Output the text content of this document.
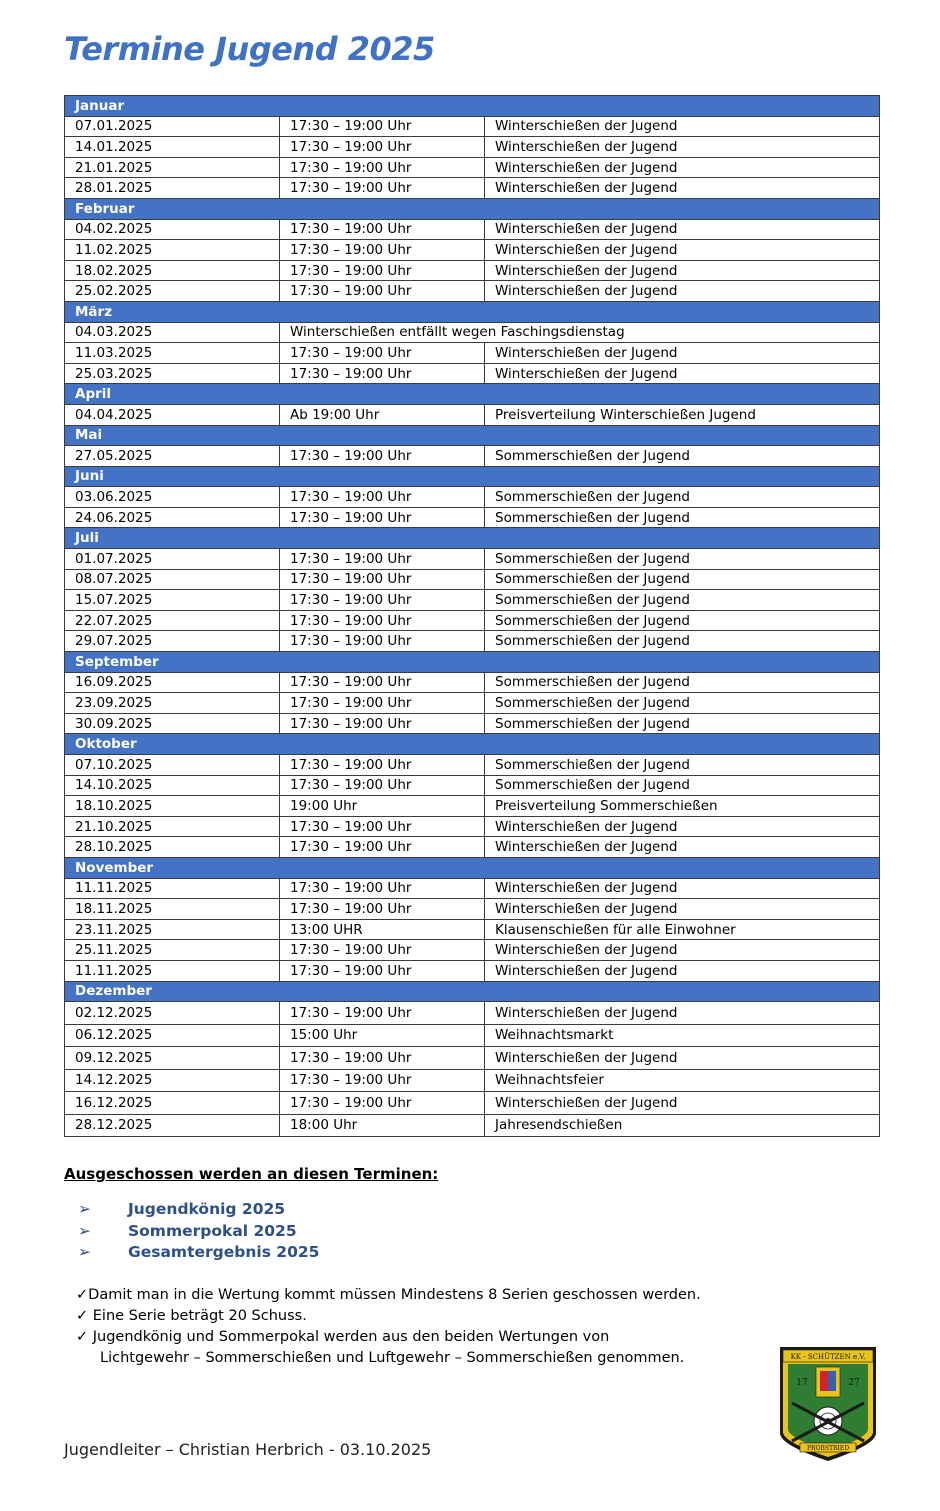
Termine Jugend 2025
Januar		
07.01.2025	17:30 – 19:00 Uhr	Winterschießen der Jugend
14.01.2025	17:30 – 19:00 Uhr	Winterschießen der Jugend
21.01.2025	17:30 – 19:00 Uhr	Winterschießen der Jugend
28.01.2025	17:30 – 19:00 Uhr	Winterschießen der Jugend
Februar		
04.02.2025	17:30 – 19:00 Uhr	Winterschießen der Jugend
11.02.2025	17:30 – 19:00 Uhr	Winterschießen der Jugend
18.02.2025	17:30 – 19:00 Uhr	Winterschießen der Jugend
25.02.2025	17:30 – 19:00 Uhr	Winterschießen der Jugend
März		
04.03.2025	Winterschießen entfällt wegen Faschingsdienstag	
11.03.2025	17:30 – 19:00 Uhr	Winterschießen der Jugend
25.03.2025	17:30 – 19:00 Uhr	Winterschießen der Jugend
April		
04.04.2025	Ab 19:00 Uhr	Preisverteilung Winterschießen Jugend
Mai		
27.05.2025	17:30 – 19:00 Uhr	Sommerschießen der Jugend
Juni		
03.06.2025	17:30 – 19:00 Uhr	Sommerschießen der Jugend
24.06.2025	17:30 – 19:00 Uhr	Sommerschießen der Jugend
Juli		
01.07.2025	17:30 – 19:00 Uhr	Sommerschießen der Jugend
08.07.2025	17:30 – 19:00 Uhr	Sommerschießen der Jugend
15.07.2025	17:30 – 19:00 Uhr	Sommerschießen der Jugend
22.07.2025	17:30 – 19:00 Uhr	Sommerschießen der Jugend
29.07.2025	17:30 – 19:00 Uhr	Sommerschießen der Jugend
September		
16.09.2025	17:30 – 19:00 Uhr	Sommerschießen der Jugend
23.09.2025	17:30 – 19:00 Uhr	Sommerschießen der Jugend
30.09.2025	17:30 – 19:00 Uhr	Sommerschießen der Jugend
Oktober		
07.10.2025	17:30 – 19:00 Uhr	Sommerschießen der Jugend
14.10.2025	17:30 – 19:00 Uhr	Sommerschießen der Jugend
18.10.2025	19:00 Uhr	Preisverteilung Sommerschießen
21.10.2025	17:30 – 19:00 Uhr	Winterschießen der Jugend
28.10.2025	17:30 – 19:00 Uhr	Winterschießen der Jugend
November		
11.11.2025	17:30 – 19:00 Uhr	Winterschießen der Jugend
18.11.2025	17:30 – 19:00 Uhr	Winterschießen der Jugend
23.11.2025	13:00 UHR	Klausenschießen für alle Einwohner
25.11.2025	17:30 – 19:00 Uhr	Winterschießen der Jugend
11.11.2025	17:30 – 19:00 Uhr	Winterschießen der Jugend
Dezember		
02.12.2025	17:30 – 19:00 Uhr	Winterschießen der Jugend
06.12.2025	15:00 Uhr	Weihnachtsmarkt
09.12.2025	17:30 – 19:00 Uhr	Winterschießen der Jugend
14.12.2025	17:30 – 19:00 Uhr	Weihnachtsfeier
16.12.2025	17:30 – 19:00 Uhr	Winterschießen der Jugend
28.12.2025	18:00 Uhr	Jahresendschießen
Ausgeschossen werden an diesen Terminen:
➢ Jugendkönig 2025
➢ Sommerpokal 2025
➢ Gesamtergebnis 2025
✓Damit man in die Wertung kommt müssen Mindestens 8 Serien geschossen werden.
✓ Eine Serie beträgt 20 Schuss.
✓ Jugendkönig und Sommerpokal werden aus den beiden Wertungen von
Lichtgewehr – Sommerschießen und Luftgewehr – Sommerschießen genommen.
Jugendleiter – Christian Herbrich - 03.10.2025
KK - SCHÜTZEN e.V.
17	27
PROBSTRIED
